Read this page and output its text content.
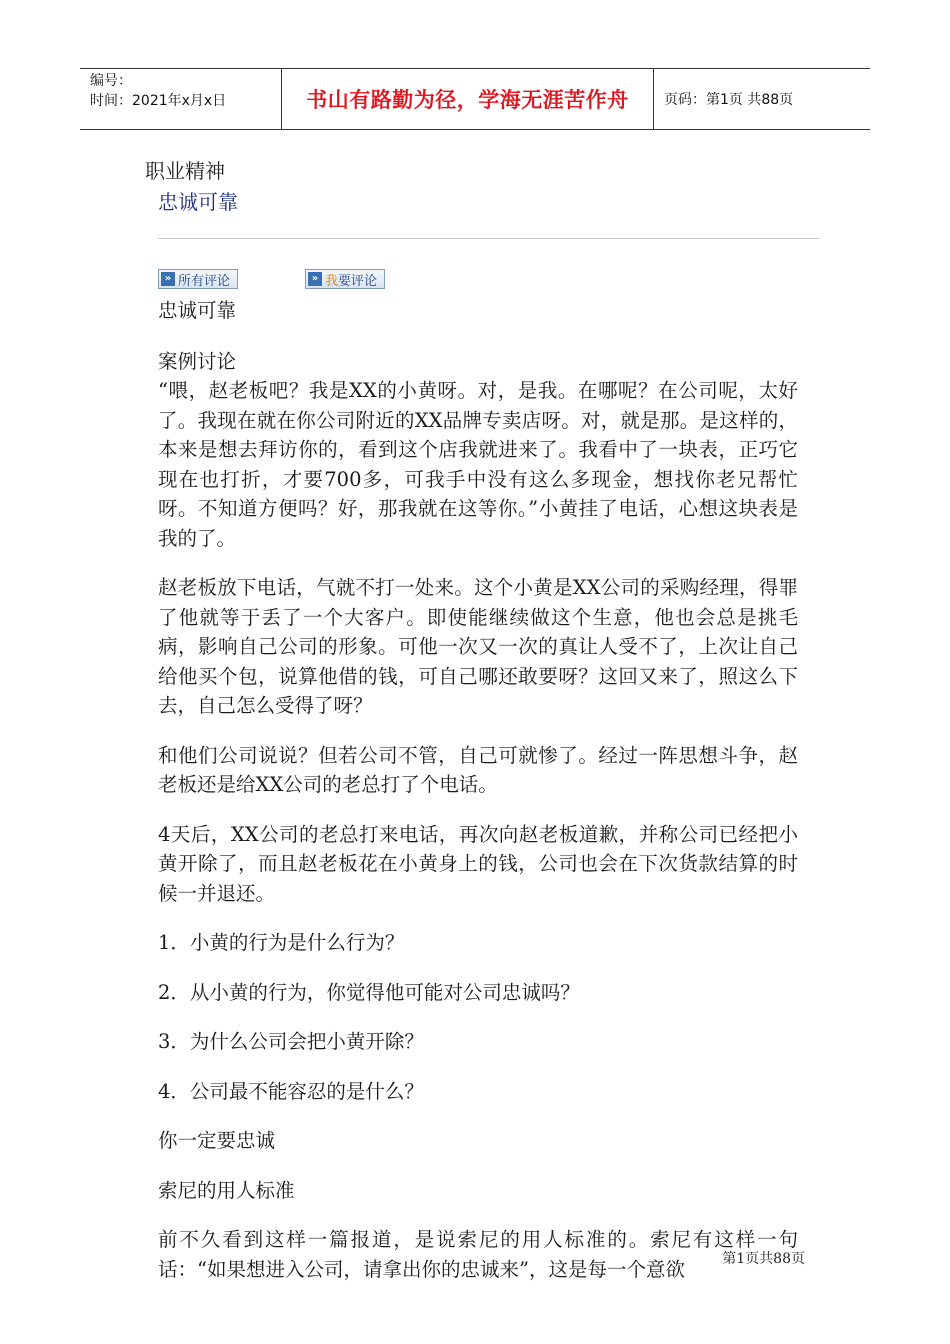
编号：
时间：2021年x月x日	书山有路勤为径，学海无涯苦作舟	页码：第1页 共88页
职业精神
忠诚可靠
» 所有评论	» 我 要评论

忠诚可靠

案例讨论

“喂，赵老板吧？我是XX的小黄呀。对，是我。在哪呢？在公司呢，太好了。我现在就在你公司附近的XX品牌专卖店呀。对，就是那。是这样的，本来是想去拜访你的，看到这个店我就进来了。我看中了一块表，正巧它现在也打折，才要700多，可我手中没有这么多现金，想找你老兄帮忙呀。不知道方便吗？好，那我就在这等你。”小黄挂了电话，心想这块表是我的了。

赵老板放下电话，气就不打一处来。这个小黄是XX公司的采购经理，得罪了他就等于丢了一个大客户。即使能继续做这个生意，他也会总是挑毛病，影响自己公司的形象。可他一次又一次的真让人受不了，上次让自己给他买个包，说算他借的钱，可自己哪还敢要呀？这回又来了，照这么下去，自己怎么受得了呀？

和他们公司说说？但若公司不管，自己可就惨了。经过一阵思想斗争，赵老板还是给XX公司的老总打了个电话。

4天后，XX公司的老总打来电话，再次向赵老板道歉，并称公司已经把小黄开除了，而且赵老板花在小黄身上的钱，公司也会在下次货款结算的时候一并退还。

1．小黄的行为是什么行为？

2．从小黄的行为，你觉得他可能对公司忠诚吗？

3．为什么公司会把小黄开除？

4．公司最不能容忍的是什么？

你一定要忠诚

索尼的用人标准

前不久看到这样一篇报道，是说索尼的用人标准的。索尼有这样一句话：“如果想进入公司，请拿出你的忠诚来”，这是每一个意欲	第1页共88页
